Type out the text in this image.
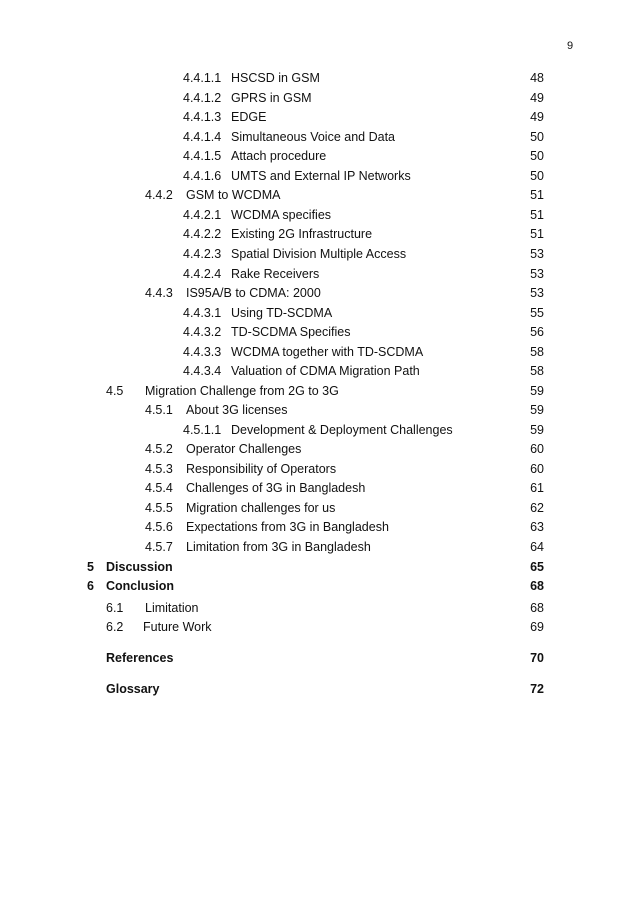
9
4.4.1.1 HSCSD in GSM	48
4.4.1.2 GPRS in GSM	49
4.4.1.3 EDGE	49
4.4.1.4 Simultaneous Voice and Data	50
4.4.1.5 Attach procedure	50
4.4.1.6 UMTS and External IP Networks	50
4.4.2 GSM to WCDMA	51
4.4.2.1 WCDMA specifies	51
4.4.2.2 Existing 2G Infrastructure	51
4.4.2.3 Spatial Division Multiple Access	53
4.4.2.4 Rake Receivers	53
4.4.3 IS95A/B to CDMA: 2000	53
4.4.3.1 Using TD-SCDMA	55
4.4.3.2 TD-SCDMA Specifies	56
4.4.3.3 WCDMA together with TD-SCDMA	58
4.4.3.4 Valuation of CDMA Migration Path	58
4.5 Migration Challenge from 2G to 3G	59
4.5.1 About 3G licenses	59
4.5.1.1 Development & Deployment Challenges	59
4.5.2 Operator Challenges	60
4.5.3 Responsibility of Operators	60
4.5.4 Challenges of 3G in Bangladesh	61
4.5.5 Migration challenges for us	62
4.5.6 Expectations from 3G in Bangladesh	63
4.5.7 Limitation from 3G in Bangladesh	64
5 Discussion	65
6 Conclusion	68
6.1 Limitation	68
6.2 Future Work	69
References	70
Glossary	72
